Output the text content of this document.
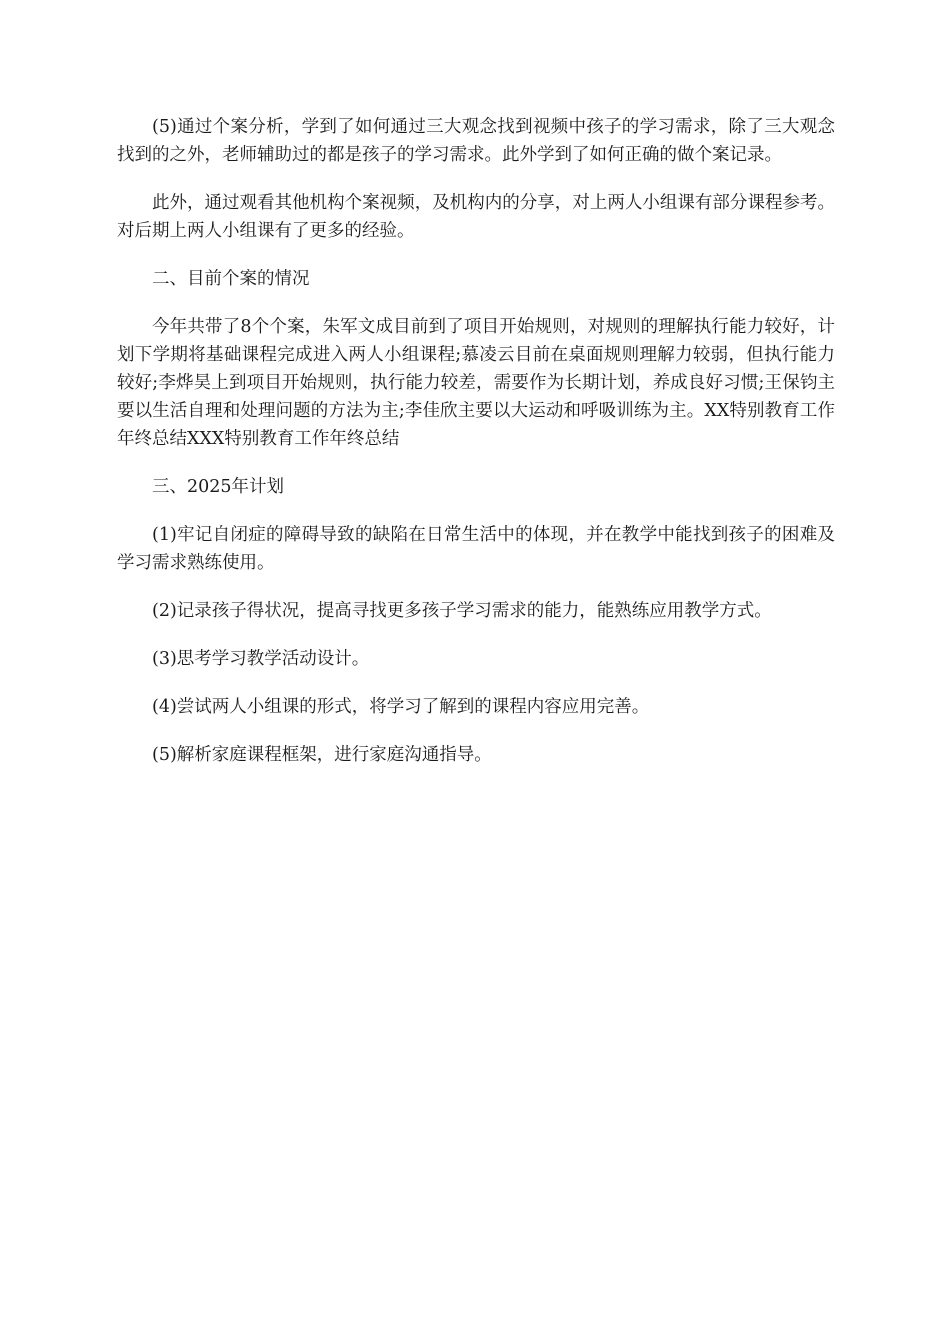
(5)通过个案分析，学到了如何通过三大观念找到视频中孩子的学习需求，除了三大观念找到的之外，老师辅助过的都是孩子的学习需求。此外学到了如何正确的做个案记录。

此外，通过观看其他机构个案视频，及机构内的分享，对上两人小组课有部分课程参考。对后期上两人小组课有了更多的经验。

二、目前个案的情况

今年共带了8个个案，朱军文成目前到了项目开始规则，对规则的理解执行能力较好，计划下学期将基础课程完成进入两人小组课程;慕凌云目前在桌面规则理解力较弱，但执行能力较好;李烨昊上到项目开始规则，执行能力较差，需要作为长期计划，养成良好习惯;王保钧主要以生活自理和处理问题的方法为主;李佳欣主要以大运动和呼吸训练为主。XX特别教育工作年终总结XXX特别教育工作年终总结

三、2025年计划

(1)牢记自闭症的障碍导致的缺陷在日常生活中的体现，并在教学中能找到孩子的困难及学习需求熟练使用。

(2)记录孩子得状况，提高寻找更多孩子学习需求的能力，能熟练应用教学方式。

(3)思考学习教学活动设计。

(4)尝试两人小组课的形式，将学习了解到的课程内容应用完善。

(5)解析家庭课程框架，进行家庭沟通指导。
